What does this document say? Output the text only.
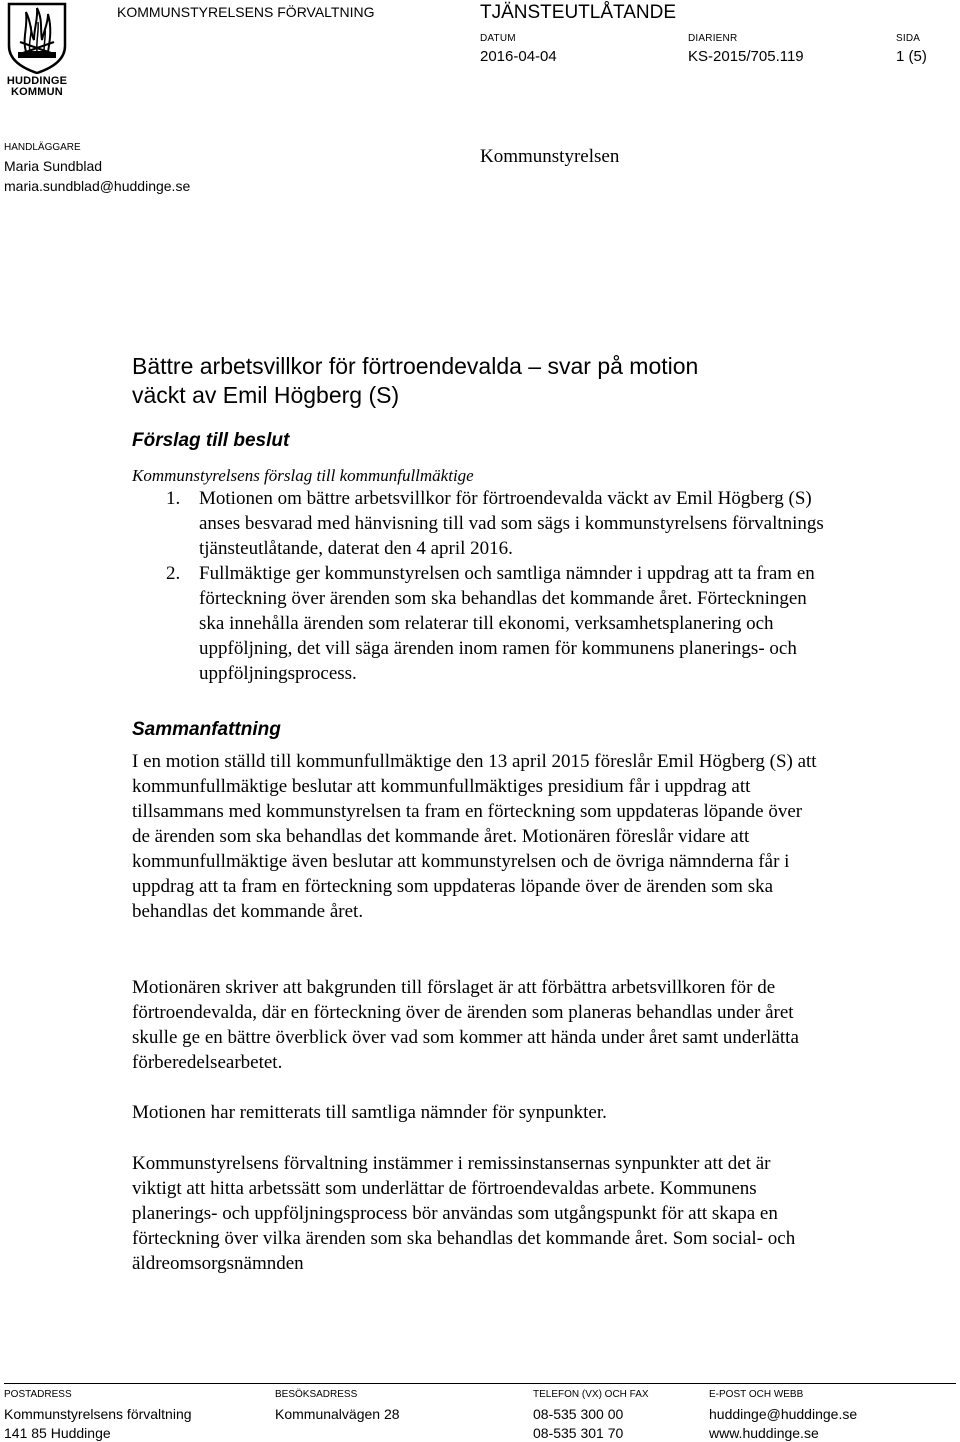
HUDDINGE
KOMMUN
KOMMUNSTYRELSENS FÖRVALTNING	TJÄNSTEUTLÅTANDE
DATUM
2016-04-04
DIARIENR
KS-2015/705.119
SIDA
1 (5)
HANDLÄGGARE
Maria Sundblad
maria.sundblad@huddinge.se
Kommunstyrelsen
Bättre arbetsvillkor för förtroendevalda – svar på motion
väckt av Emil Högberg (S)
Förslag till beslut
Kommunstyrelsens förslag till kommunfullmäktige
1. Motionen om bättre arbetsvillkor för förtroendevalda väckt av Emil Högberg (S) anses besvarad med hänvisning till vad som sägs i kommunstyrelsens förvaltnings tjänsteutlåtande, daterat den 4 april 2016.
2. Fullmäktige ger kommunstyrelsen och samtliga nämnder i uppdrag att ta fram en förteckning över ärenden som ska behandlas det kommande året. Förteckningen ska innehålla ärenden som relaterar till ekonomi, verksamhetsplanering och uppföljning, det vill säga ärenden inom ramen för kommunens planerings- och uppföljningsprocess.
Sammanfattning

I en motion ställd till kommunfullmäktige den 13 april 2015 föreslår Emil Högberg (S) att kommunfullmäktige beslutar att kommunfullmäktiges presidium får i uppdrag att tillsammans med kommunstyrelsen ta fram en förteckning som uppdateras löpande över de ärenden som ska behandlas det kommande året. Motionären föreslår vidare att kommunfullmäktige även beslutar att kommunstyrelsen och de övriga nämnderna får i uppdrag att ta fram en förteckning som uppdateras löpande över de ärenden som ska behandlas det kommande året.

Motionären skriver att bakgrunden till förslaget är att förbättra arbetsvillkoren för de förtroendevalda, där en förteckning över de ärenden som planeras behandlas under året skulle ge en bättre överblick över vad som kommer att hända under året samt underlätta förberedelsearbetet.

Motionen har remitterats till samtliga nämnder för synpunkter.

Kommunstyrelsens förvaltning instämmer i remissinstansernas synpunkter att det är viktigt att hitta arbetssätt som underlättar de förtroendevaldas arbete. Kommunens planerings- och uppföljningsprocess bör användas som utgångspunkt för att skapa en förteckning över vilka ärenden som ska behandlas det kommande året. Som social- och äldreomsorgsnämnden

POSTADRESS
Kommunstyrelsens förvaltning
141 85 Huddinge
BESÖKSADRESS
Kommunalvägen 28
TELEFON (VX) OCH FAX
08-535 300 00
08-535 301 70
E-POST OCH WEBB
huddinge@huddinge.se
www.huddinge.se
